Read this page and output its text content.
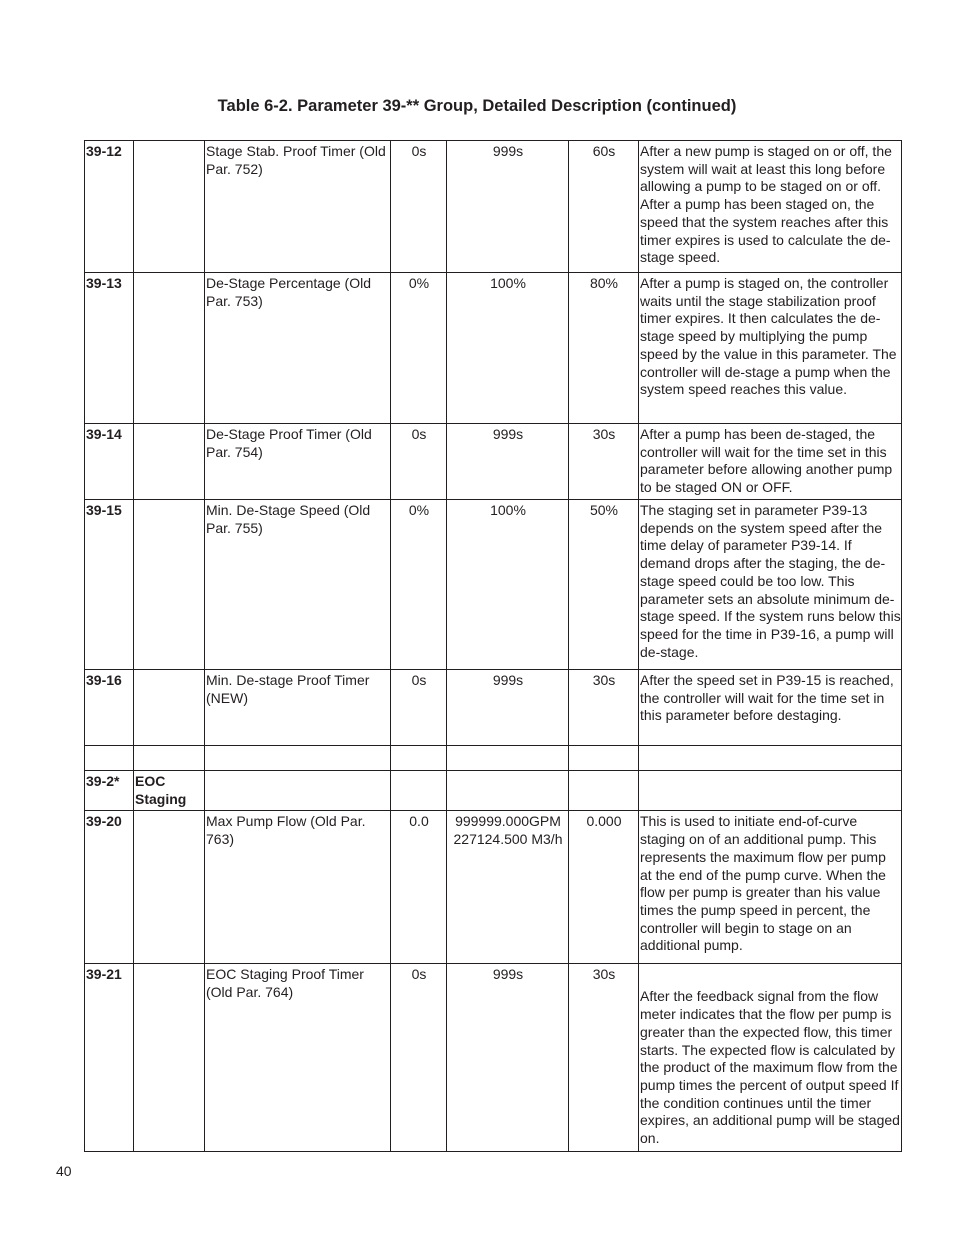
Table 6-2. Parameter 39-** Group, Detailed Description (continued)
39-12		Stage Stab. Proof Timer (Old Par. 752)	0s	999s	60s	After a new pump is staged on or off, the system will wait at least this long before allowing a pump to be staged on or off. After a pump has been staged on, the speed that the system reaches after this timer expires is used to calculate the de-stage speed.
39-13		De-Stage Percentage (Old Par. 753)	0%	100%	80%	After a pump is staged on, the controller waits until the stage stabilization proof timer expires. It then calculates the de-stage speed by multiplying the pump speed by the value in this parameter. The controller will de-stage a pump when the system speed reaches this value.
39-14		De-Stage Proof Timer (Old Par. 754)	0s	999s	30s	After a pump has been de-staged, the controller will wait for the time set in this parameter before allowing another pump to be staged ON or OFF.
39-15		Min. De-Stage Speed (Old Par. 755)	0%	100%	50%	The staging set in parameter P39-13 depends on the system speed after the time delay of parameter P39-14. If demand drops after the staging, the de-stage speed could be too low. This parameter sets an absolute minimum de-stage speed. If the system runs below this speed for the time in P39-16, a pump will de-stage.
39-16		Min. De-stage Proof Timer (NEW)	0s	999s	30s	After the speed set in P39-15 is reached, the controller will wait for the time set in this parameter before destaging.

39-2*	EOC Staging					
39-20		Max Pump Flow (Old Par. 763)	0.0	999999.000GPM 227124.500 M3/h	0.000	This is used to initiate end-of-curve staging on of an additional pump. This represents the maximum flow per pump at the end of the pump curve. When the flow per pump is greater than his value times the pump speed in percent, the controller will begin to stage on an additional pump.
39-21		EOC Staging Proof Timer (Old Par. 764)	0s	999s	30s	After the feedback signal from the flow meter indicates that the flow per pump is greater than the expected flow, this timer starts. The expected flow is calculated by the product of the maximum flow from the pump times the percent of output speed If the condition continues until the timer expires, an additional pump will be staged on.
40
